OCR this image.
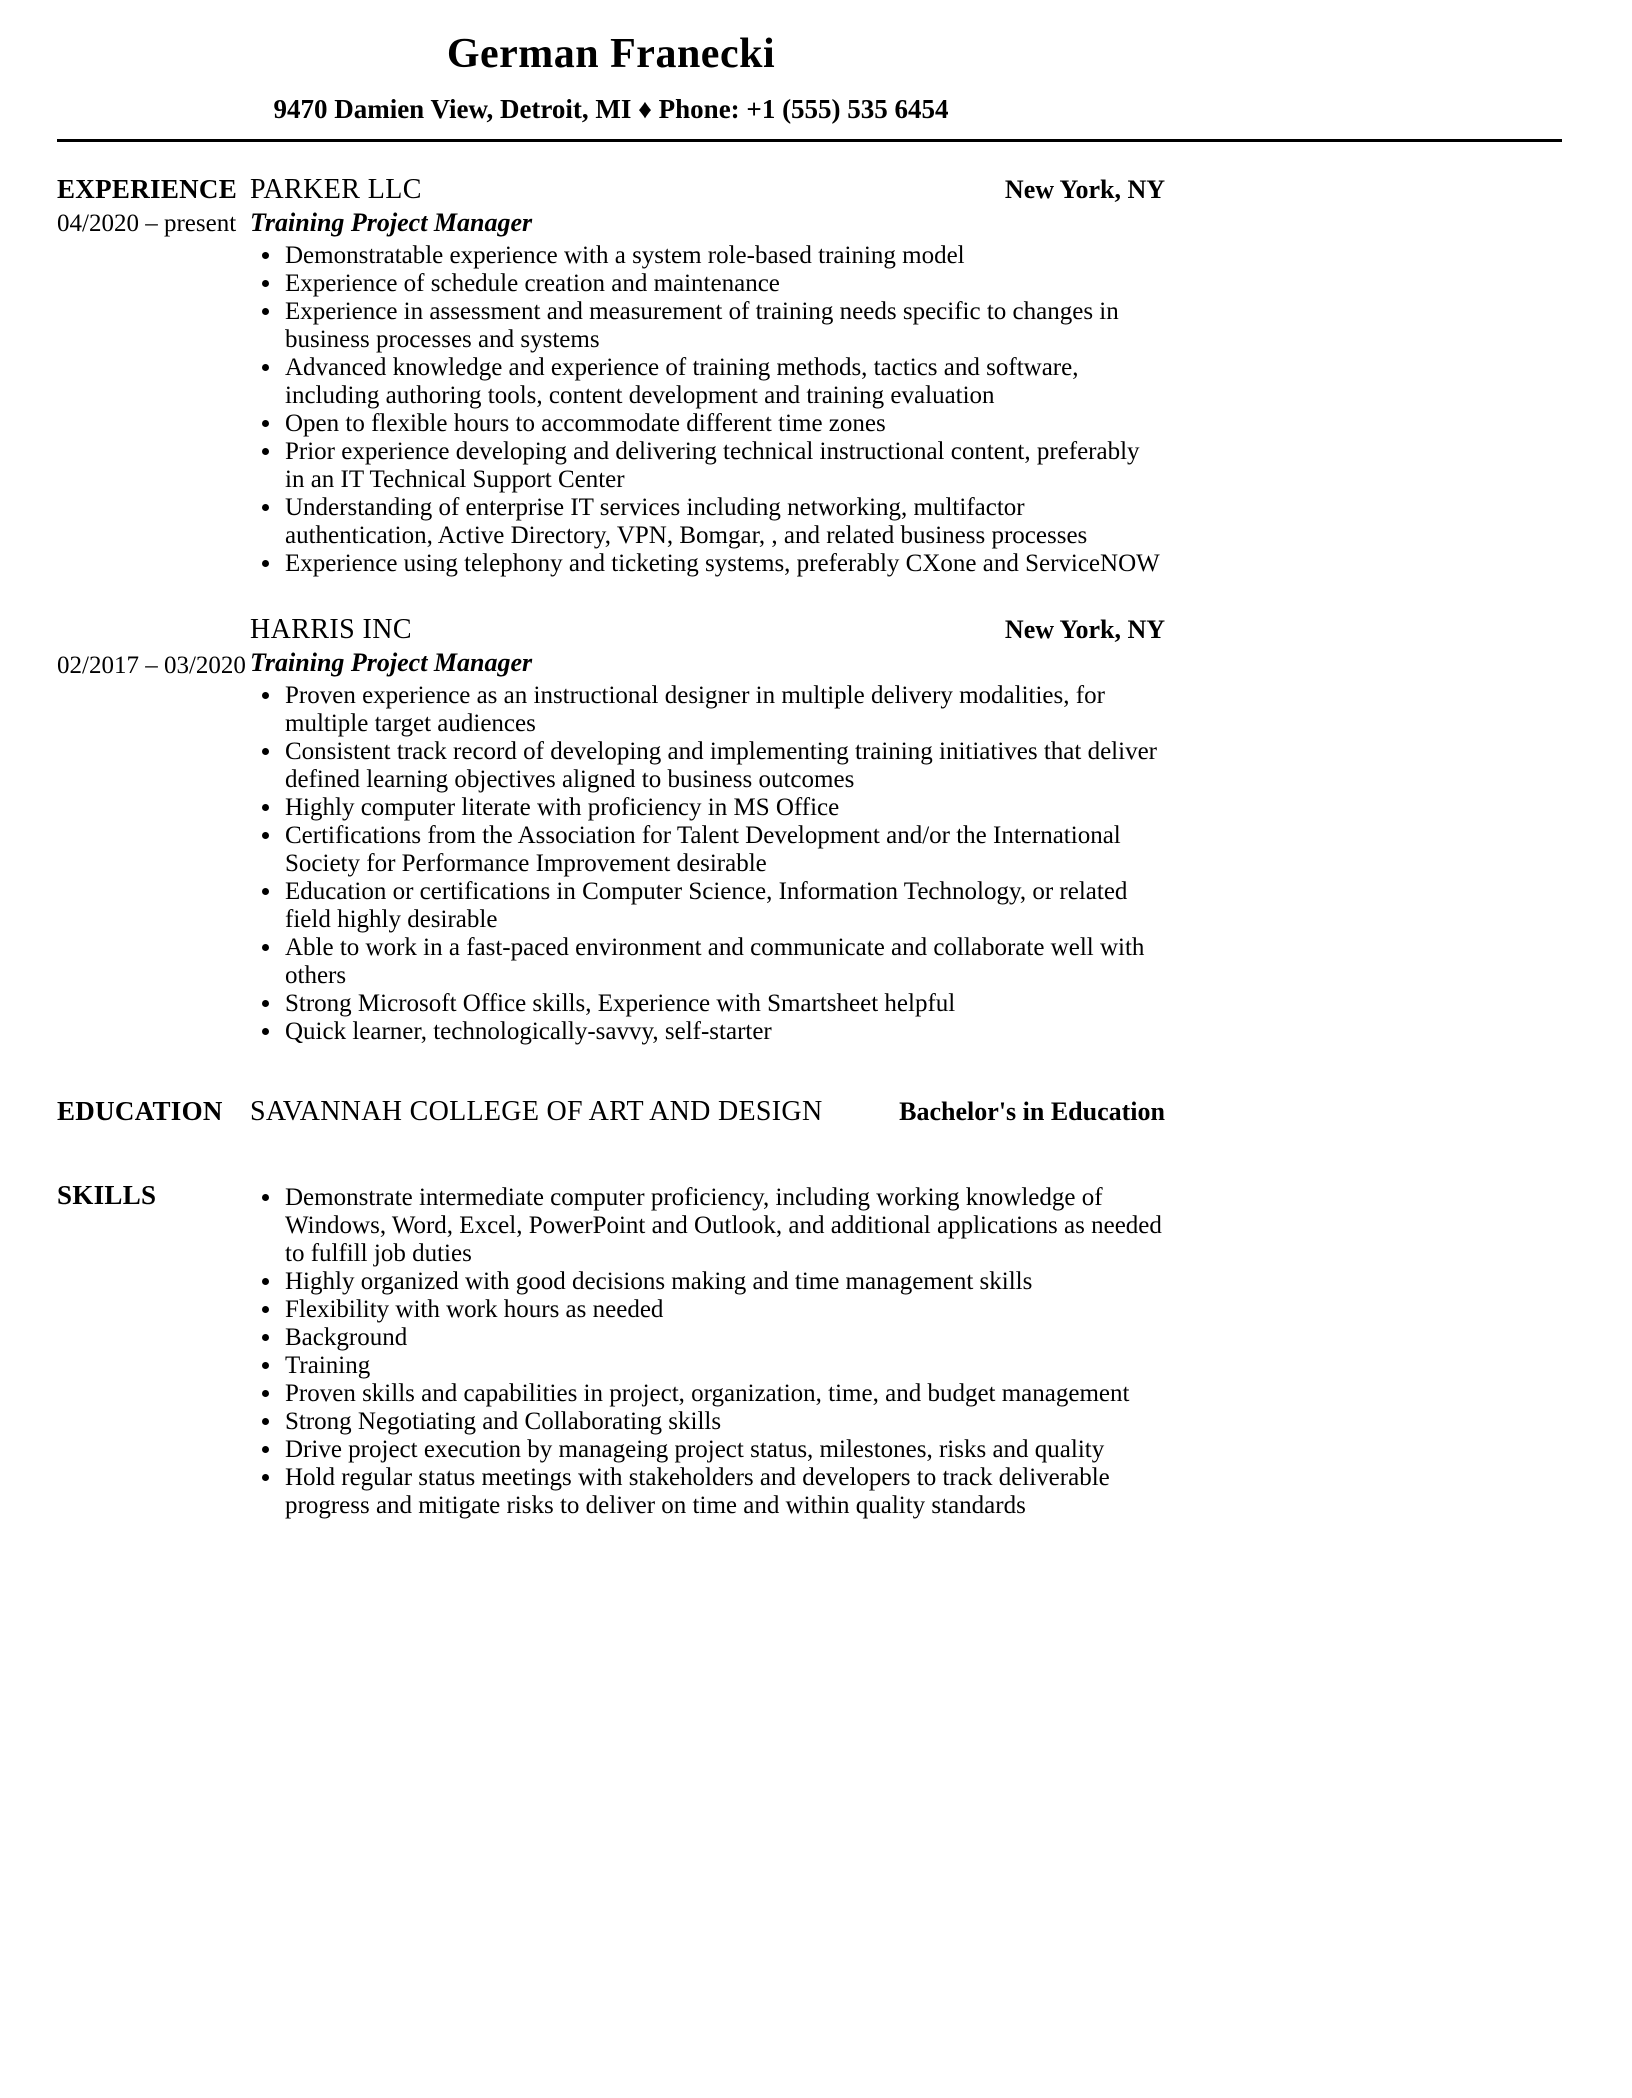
German Franecki
9470 Damien View, Detroit, MI ♦ Phone: +1 (555) 535 6454
EXPERIENCE
04/2020 – present
PARKER LLC	New York, NY
Training Project Manager
• Demonstratable experience with a system role-based training model
• Experience of schedule creation and maintenance
• Experience in assessment and measurement of training needs specific to changes in business processes and systems
• Advanced knowledge and experience of training methods, tactics and software, including authoring tools, content development and training evaluation
• Open to flexible hours to accommodate different time zones
• Prior experience developing and delivering technical instructional content, preferably in an IT Technical Support Center
• Understanding of enterprise IT services including networking, multifactor authentication, Active Directory, VPN, Bomgar, , and related business processes
• Experience using telephony and ticketing systems, preferably CXone and ServiceNOW
02/2017 – 03/2020
HARRIS INC	New York, NY
Training Project Manager
• Proven experience as an instructional designer in multiple delivery modalities, for multiple target audiences
• Consistent track record of developing and implementing training initiatives that deliver defined learning objectives aligned to business outcomes
• Highly computer literate with proficiency in MS Office
• Certifications from the Association for Talent Development and/or the International Society for Performance Improvement desirable
• Education or certifications in Computer Science, Information Technology, or related field highly desirable
• Able to work in a fast-paced environment and communicate and collaborate well with others
• Strong Microsoft Office skills, Experience with Smartsheet helpful
• Quick learner, technologically-savvy, self-starter
EDUCATION SAVANNAH COLLEGE OF ART AND DESIGN	Bachelor's in Education
SKILLS	• Demonstrate intermediate computer proficiency, including working knowledge of Windows, Word, Excel, PowerPoint and Outlook, and additional applications as needed to fulfill job duties
• Highly organized with good decisions making and time management skills
• Flexibility with work hours as needed
• Background
• Training
• Proven skills and capabilities in project, organization, time, and budget management
• Strong Negotiating and Collaborating skills
• Drive project execution by manageing project status, milestones, risks and quality
• Hold regular status meetings with stakeholders and developers to track deliverable progress and mitigate risks to deliver on time and within quality standards
